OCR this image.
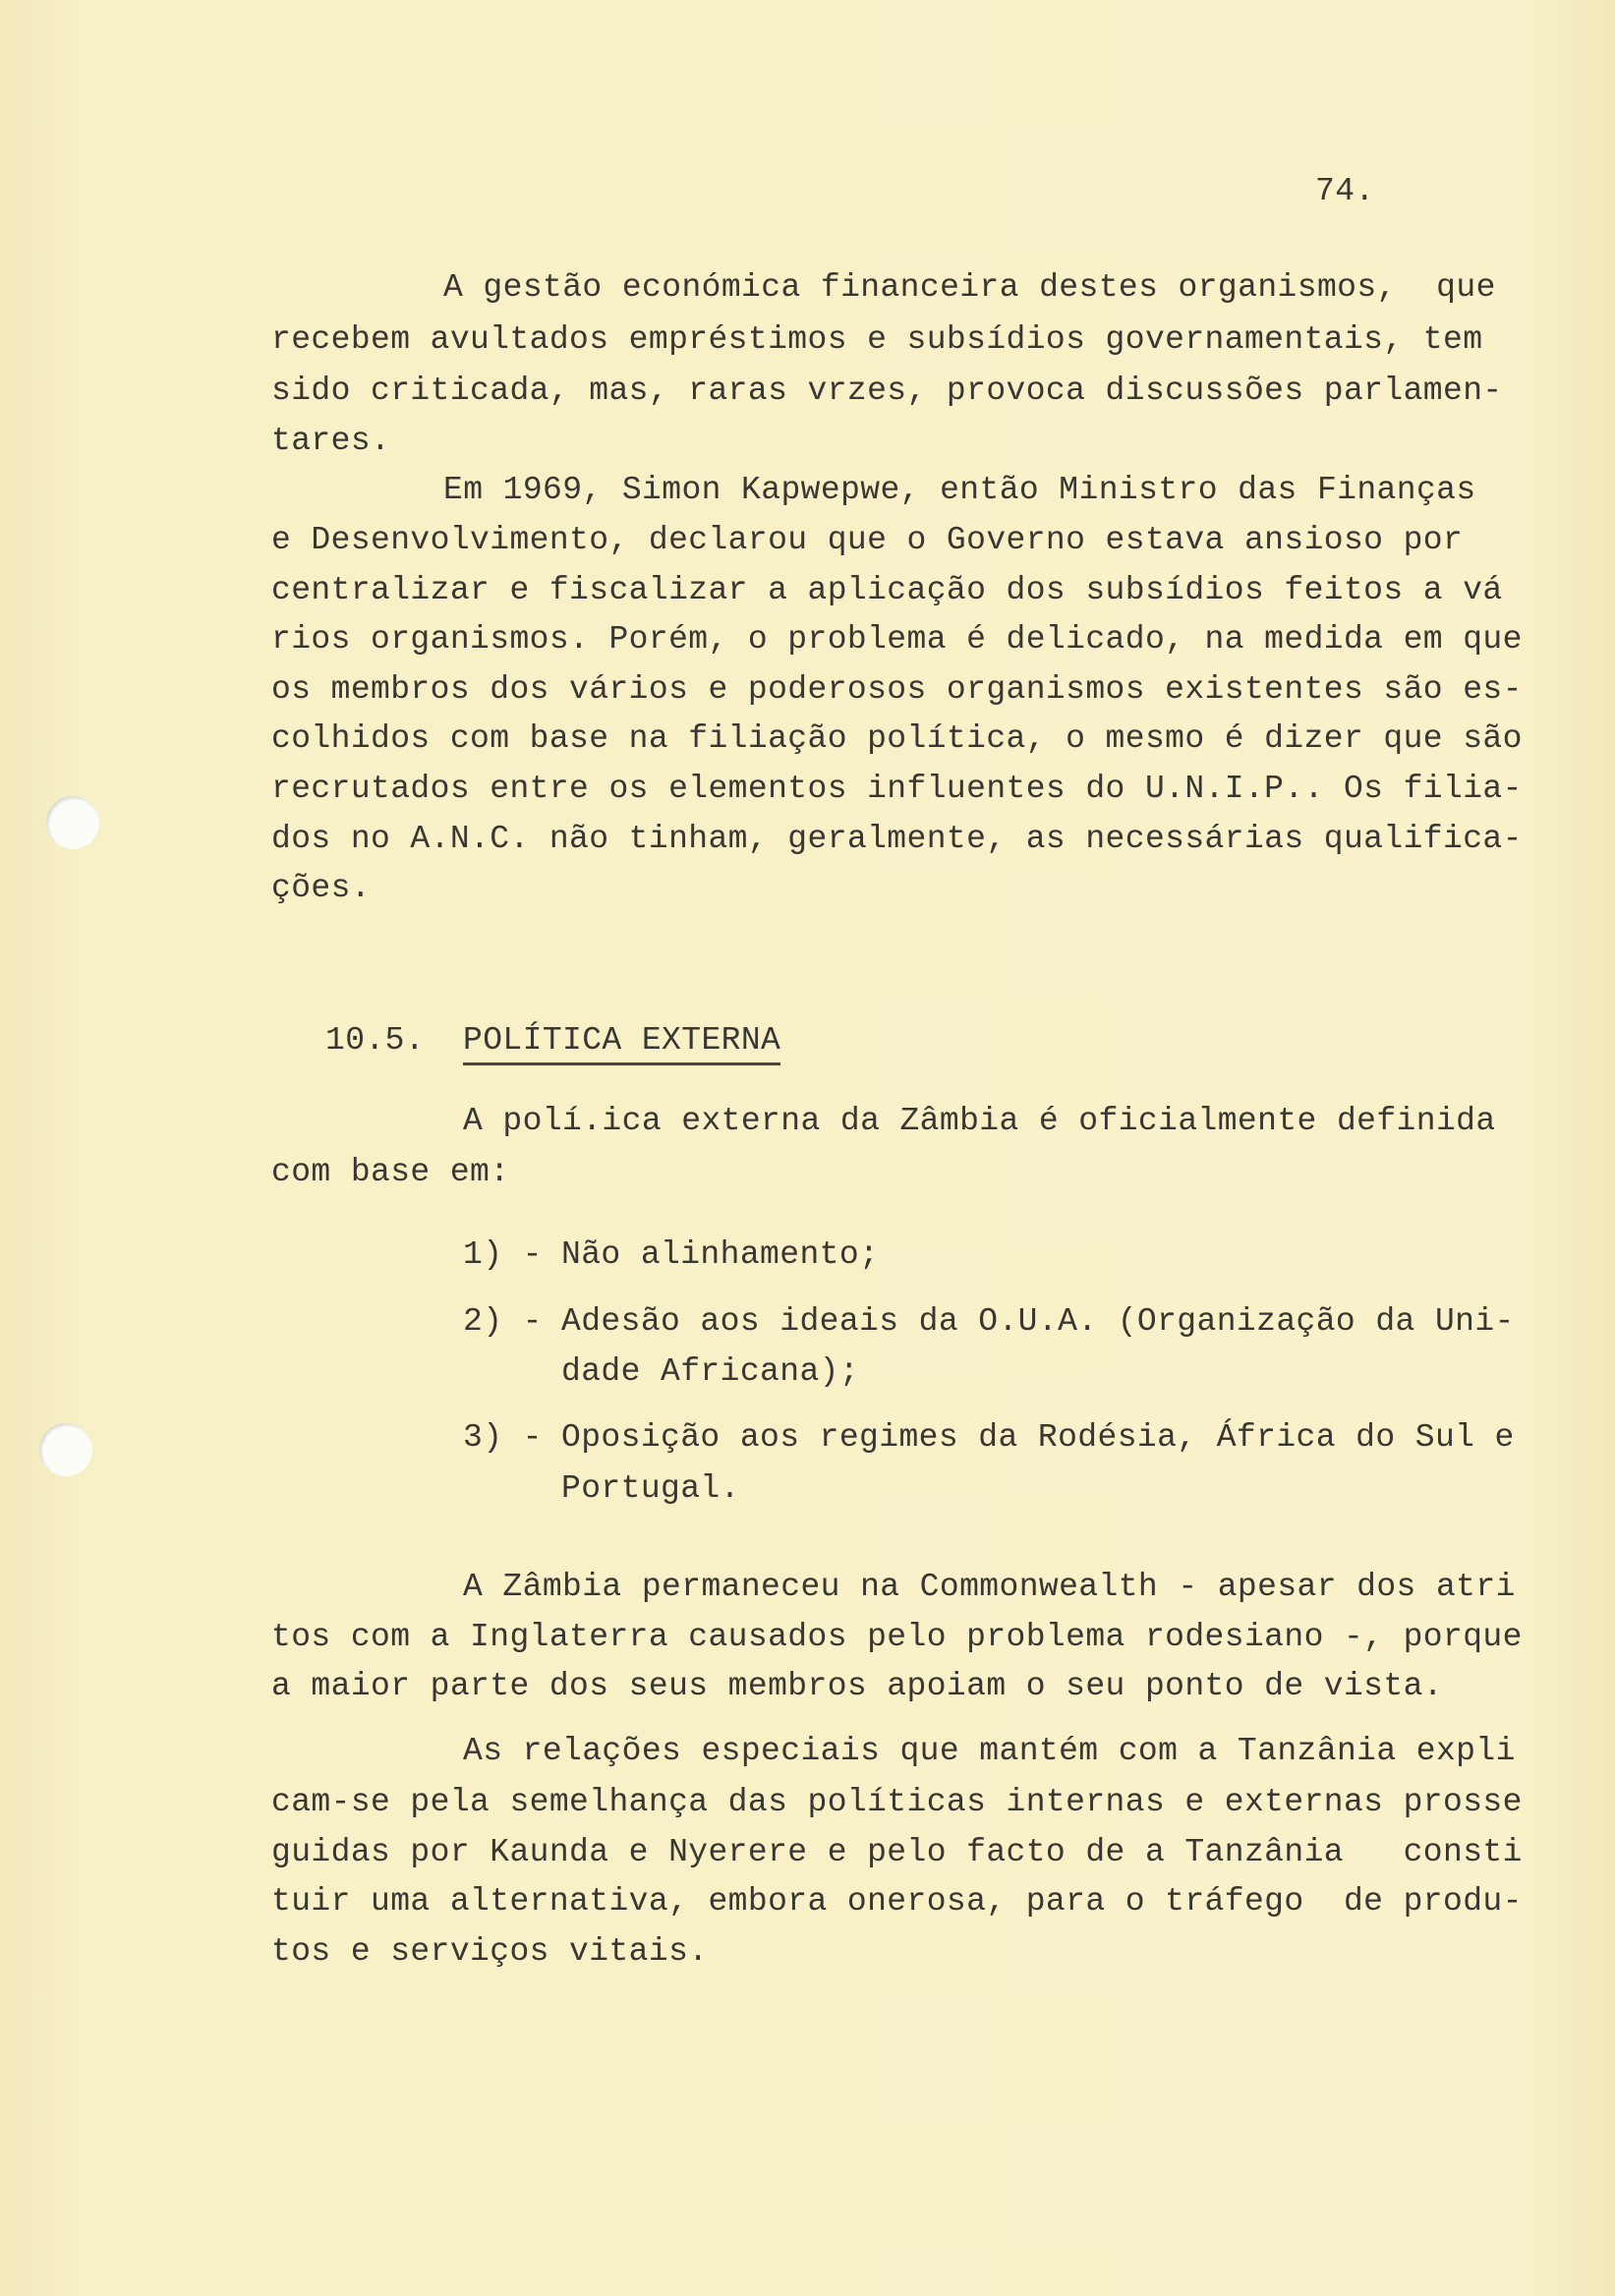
74.
A gestão económica financeira destes organismos,  que
recebem avultados empréstimos e subsídios governamentais, tem
sido criticada, mas, raras vrzes, provoca discussões parlamen-
tares.
Em 1969, Simon Kapwepwe, então Ministro das Finanças
e Desenvolvimento, declarou que o Governo estava ansioso por
centralizar e fiscalizar a aplicação dos subsídios feitos a vá
rios organismos. Porém, o problema é delicado, na medida em que
os membros dos vários e poderosos organismos existentes são es-
colhidos com base na filiação política, o mesmo é dizer que são
recrutados entre os elementos influentes do U.N.I.P.. Os filia-
dos no A.N.C. não tinham, geralmente, as necessárias qualifica-
ções.
10.5. POLÍTICA EXTERNA
A polí.ica externa da Zâmbia é oficialmente definida
com base em:
1) - Não alinhamento;
2) - Adesão aos ideais da O.U.A. (Organização da Uni-
dade Africana);
3) - Oposição aos regimes da Rodésia, África do Sul e
Portugal.
A Zâmbia permaneceu na Commonwealth - apesar dos atri
tos com a Inglaterra causados pelo problema rodesiano -, porque
a maior parte dos seus membros apoiam o seu ponto de vista.
As relações especiais que mantém com a Tanzânia expli
cam-se pela semelhança das políticas internas e externas prosse
guidas por Kaunda e Nyerere e pelo facto de a Tanzânia   consti
tuir uma alternativa, embora onerosa, para o tráfego  de produ-
tos e serviços vitais.
